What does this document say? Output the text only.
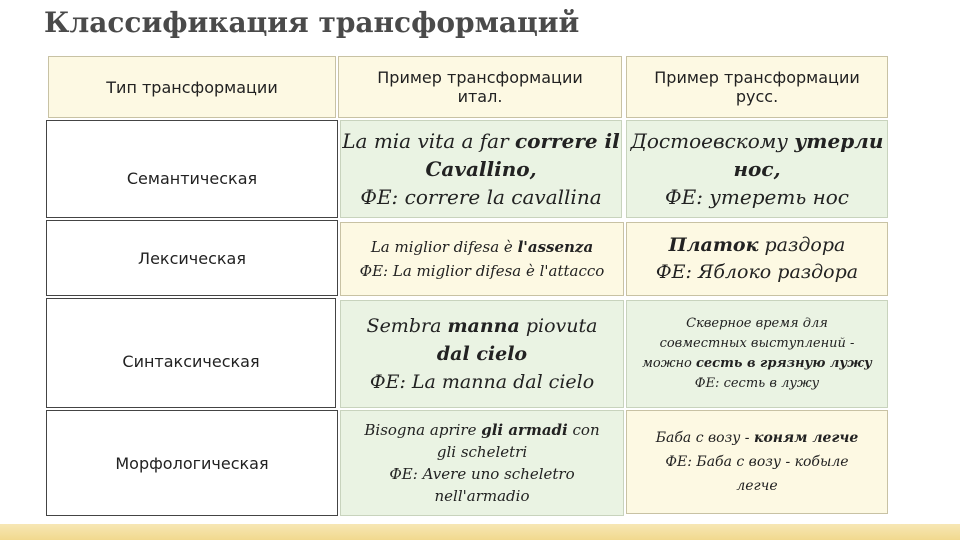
Классификация трансформаций
Тип трансформации	Пример трансформации
итал.
Пример трансформации
русс.
Семантическая
La mia vita a far correre il
Cavallino,
ФЕ: correre la cavallina
Достоевскому утерли
нос,
ФЕ: утереть нос
Лексическая
La miglior difesa è l'assenza
ФЕ: La miglior difesa è l'attacco
Платок раздора
ФЕ: Яблоко раздора
Синтаксическая
Sembra manna piovuta
dal cielo
ФЕ: La manna dal cielo
Скверное время для
совместных выступлений -
можно сесть в грязную лужу
ФЕ: сесть в лужу
Морфологическая
Bisogna aprire gli armadi con
gli scheletri
ФЕ: Avere uno scheletro
nell'armadio
Баба с возу - коням легче
ФЕ: Баба с возу - кобыле
легче
